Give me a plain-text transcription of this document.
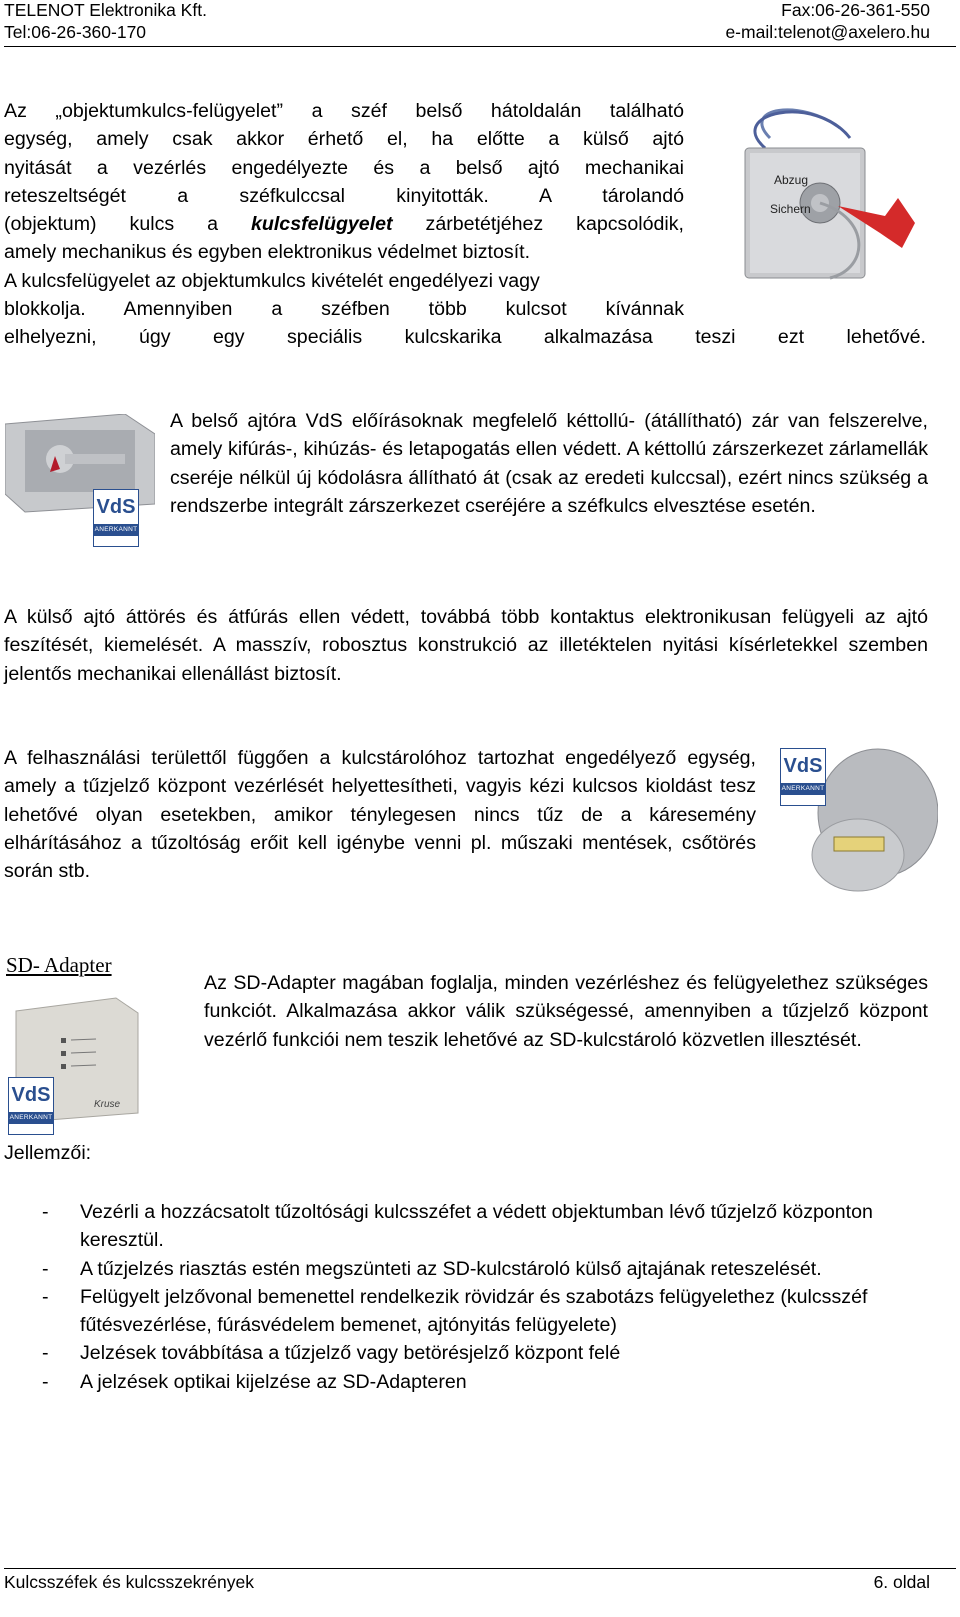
TELENOT Elektronika Kft.	Fax:06-26-361-550
Tel:06-26-360-170	e-mail:telenot@axelero.hu
Az „objektumkulcs-felügyelet” a széf belső hátoldalán található
egység, amely csak akkor érhető el, ha előtte a külső ajtó
nyitását a vezérlés engedélyezte és a belső ajtó mechanikai
reteszeltségét a széfkulccsal kinyitották. A tárolandó
(objektum) kulcs a kulcsfelügyelet zárbetétjéhez kapcsolódik,
amely mechanikus és egyben elektronikus védelmet biztosít.
A kulcsfelügyelet az objektumkulcs kivételét engedélyezi vagy
blokkolja. Amennyiben a széfben több kulcsot kívánnak
elhelyezni, úgy egy speciális kulcskarika alkalmazása teszi ezt lehetővé.
Abzug
Sichern
VdS
ANERKANNT

A belső ajtóra VdS előírásoknak megfelelő kéttollú- (átállítható) zár van felszerelve, amely kifúrás-, kihúzás- és letapogatás ellen védett. A kéttollú zárszerkezet zárlamellák cseréje nélkül új kódolásra állítható át (csak az eredeti kulccsal), ezért nincs szükség a rendszerbe integrált zárszerkezet cseréjére a széfkulcs elvesztése esetén.

A külső ajtó áttörés és átfúrás ellen védett, továbbá több kontaktus elektronikusan felügyeli az ajtó feszítését, kiemelését. A masszív, robosztus konstrukció az illetéktelen nyitási kísérletekkel szemben jelentős mechanikai ellenállást biztosít.

A felhasználási területtől függően a kulcstárolóhoz tartozhat engedélyező egység, amely a tűzjelző központ vezérlését helyettesítheti, vagyis kézi kulcsos kioldást tesz lehetővé olyan esetekben, amikor ténylegesen nincs tűz de a káresemény elhárításához a tűzoltóság erőit kell igénybe venni pl. műszaki mentések, csőtörés során stb.

VdS
ANERKANNT
SD- Adapter
Kruse
VdS
ANERKANNT

Az SD-Adapter magában foglalja, minden vezérléshez és felügyelethez szükséges funkciót. Alkalmazása akkor válik szükségessé, amennyiben a tűzjelző központ vezérlő funkciói nem teszik lehetővé az SD-kulcstároló közvetlen illesztését.

Jellemzői:
- Vezérli a hozzácsatolt tűzoltósági kulcsszéfet a védett objektumban lévő tűzjelző központon keresztül.
- A tűzjelzés riasztás estén megszünteti az SD-kulcstároló külső ajtajának reteszelését.
- Felügyelt jelzővonal bemenettel rendelkezik rövidzár és szabotázs felügyelethez (kulcsszéf fűtésvezérlése, fúrásvédelem bemenet, ajtónyitás felügyelete)
- Jelzések továbbítása a tűzjelző vagy betörésjelző központ felé
- A jelzések optikai kijelzése az SD-Adapteren
Kulcsszéfek és kulcsszekrények	6. oldal
